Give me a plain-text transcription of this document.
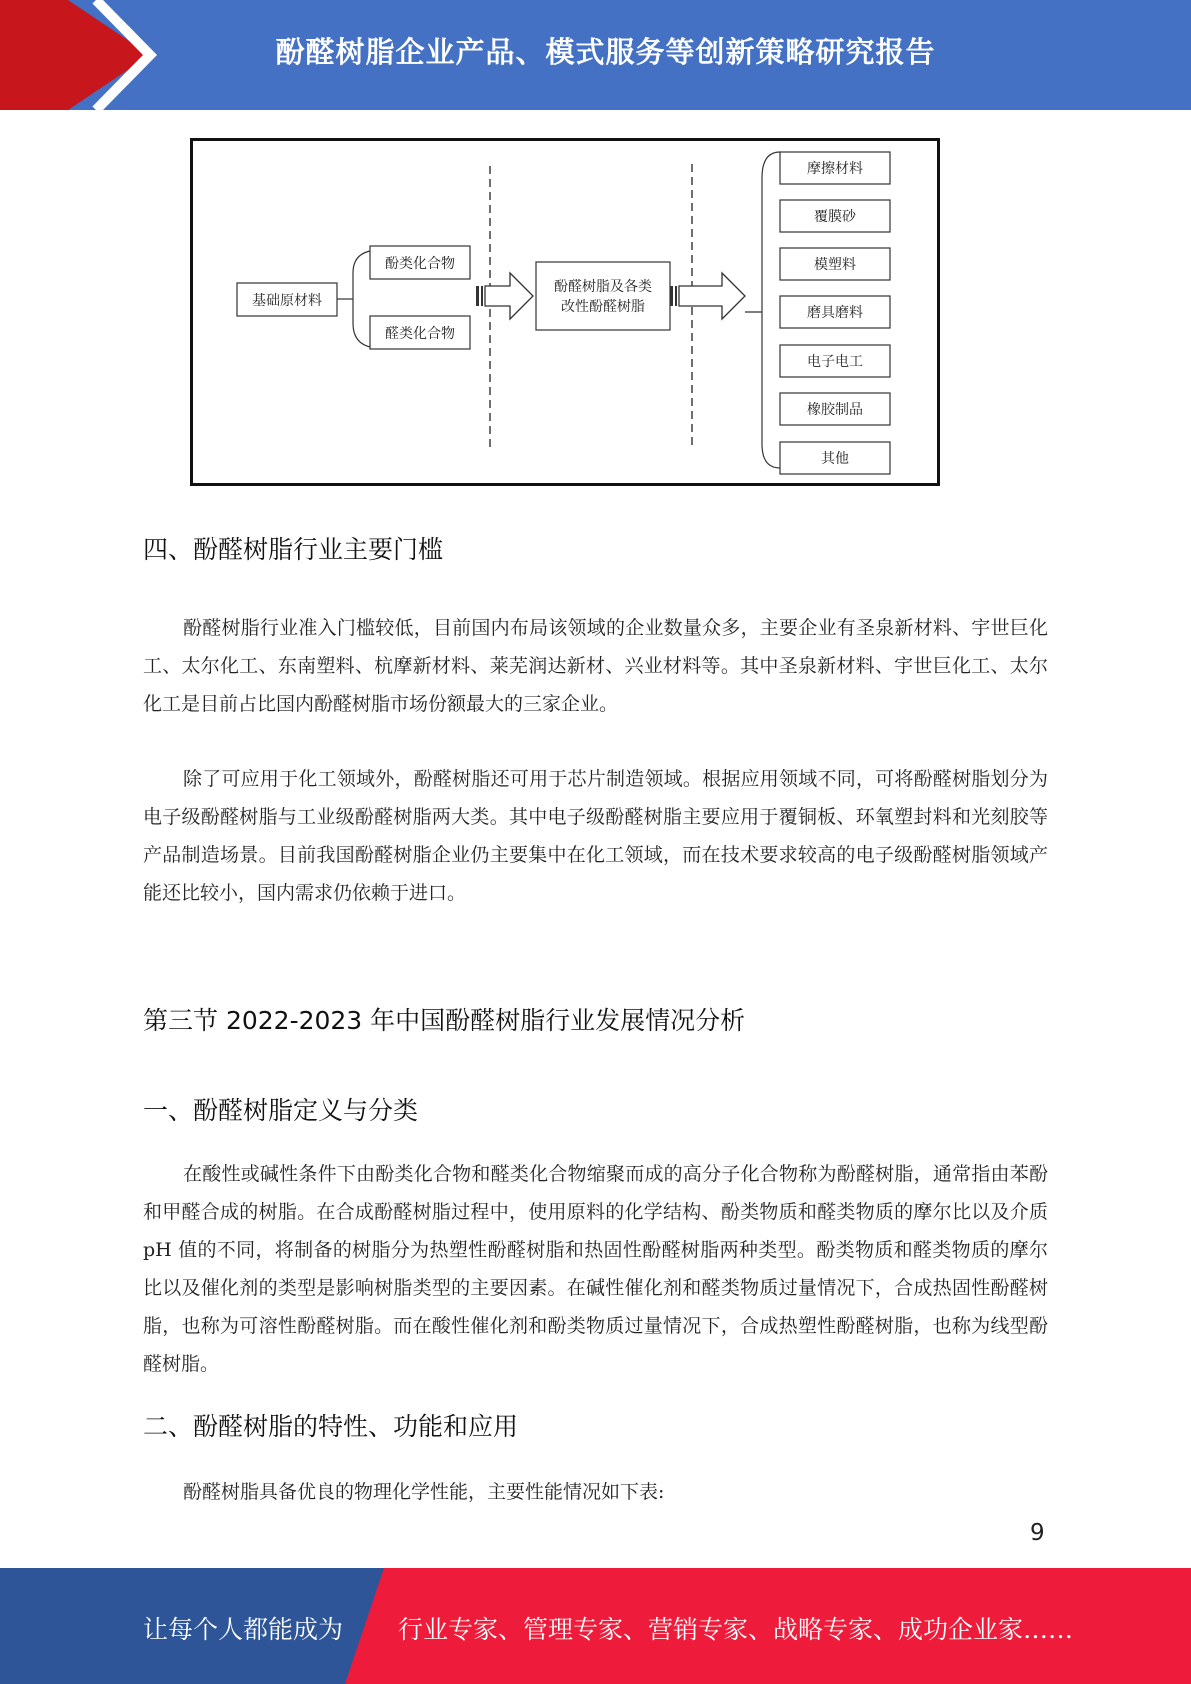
酚醛树脂企业产品、模式服务等创新策略研究报告
基础原材料
酚类化合物
醛类化合物
酚醛树脂及各类
改性酚醛树脂
摩擦材料
覆膜砂
模塑料
磨具磨料
电子电工
橡胶制品
其他
四、酚醛树脂行业主要门槛

酚醛树脂行业准入门槛较低，目前国内布局该领域的企业数量众多，主要企业有圣泉新材料、宇世巨化工、太尔化工、东南塑料、杭摩新材料、莱芜润达新材、兴业材料等。其中圣泉新材料、宇世巨化工、太尔化工是目前占比国内酚醛树脂市场份额最大的三家企业。

除了可应用于化工领域外，酚醛树脂还可用于芯片制造领域。根据应用领域不同，可将酚醛树脂划分为电子级酚醛树脂与工业级酚醛树脂两大类。其中电子级酚醛树脂主要应用于覆铜板、环氧塑封料和光刻胶等产品制造场景。目前我国酚醛树脂企业仍主要集中在化工领域，而在技术要求较高的电子级酚醛树脂领域产能还比较小，国内需求仍依赖于进口。

第三节 2022-2023 年中国酚醛树脂行业发展情况分析
一、酚醛树脂定义与分类

在酸性或碱性条件下由酚类化合物和醛类化合物缩聚而成的高分子化合物称为酚醛树脂，通常指由苯酚和甲醛合成的树脂。在合成酚醛树脂过程中，使用原料的化学结构、酚类物质和醛类物质的摩尔比以及介质 pH 值的不同，将制备的树脂分为热塑性酚醛树脂和热固性酚醛树脂两种类型。酚类物质和醛类物质的摩尔比以及催化剂的类型是影响树脂类型的主要因素。在碱性催化剂和醛类物质过量情况下，合成热固性酚醛树脂，也称为可溶性酚醛树脂。而在酸性催化剂和酚类物质过量情况下，合成热塑性酚醛树脂，也称为线型酚醛树脂。

二、酚醛树脂的特性、功能和应用

酚醛树脂具备优良的物理化学性能，主要性能情况如下表:

9
让每个人都能成为 行业专家、管理专家、营销专家、战略专家、成功企业家……
